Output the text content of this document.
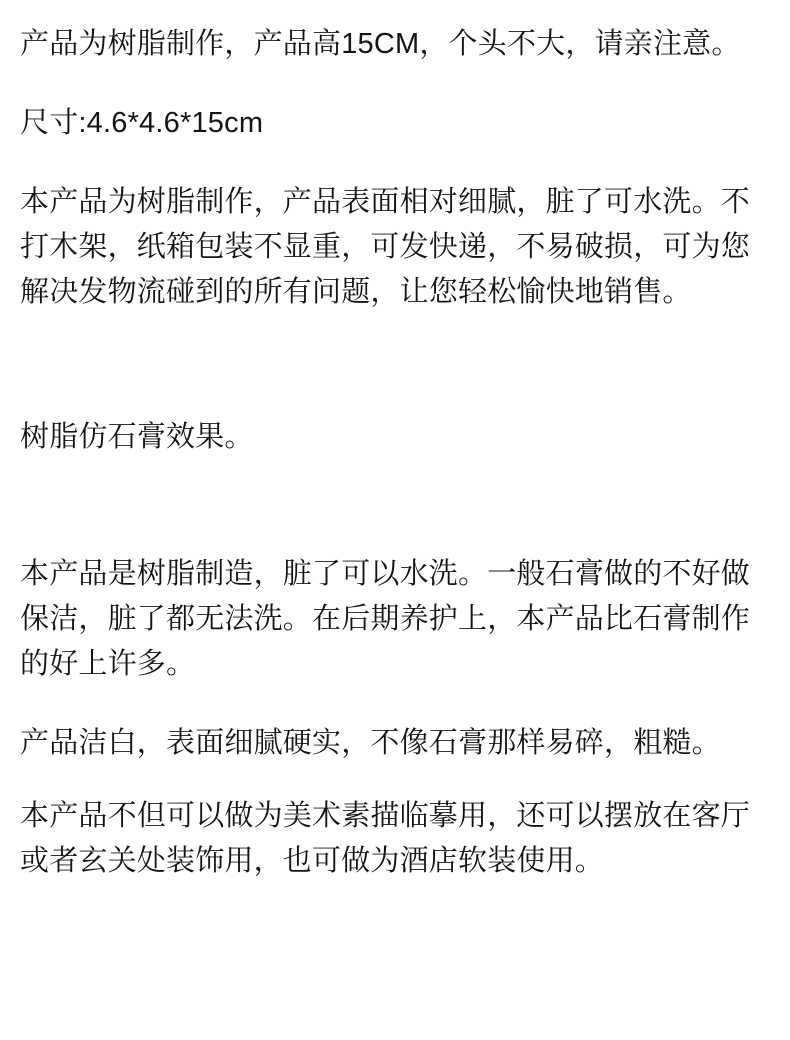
产品为树脂制作，产品高15CM，个头不大，请亲注意。

尺寸:4.6*4.6*15cm

本产品为树脂制作，产品表面相对细腻，脏了可水洗。不打木架，纸箱包装不显重，可发快递，不易破损，可为您解决发物流碰到的所有问题，让您轻松愉快地销售。

树脂仿石膏效果。

本产品是树脂制造，脏了可以水洗。一般石膏做的不好做保洁，脏了都无法洗。在后期养护上，本产品比石膏制作的好上许多。

产品洁白，表面细腻硬实，不像石膏那样易碎，粗糙。

本产品不但可以做为美术素描临摹用，还可以摆放在客厅或者玄关处装饰用，也可做为酒店软装使用。
